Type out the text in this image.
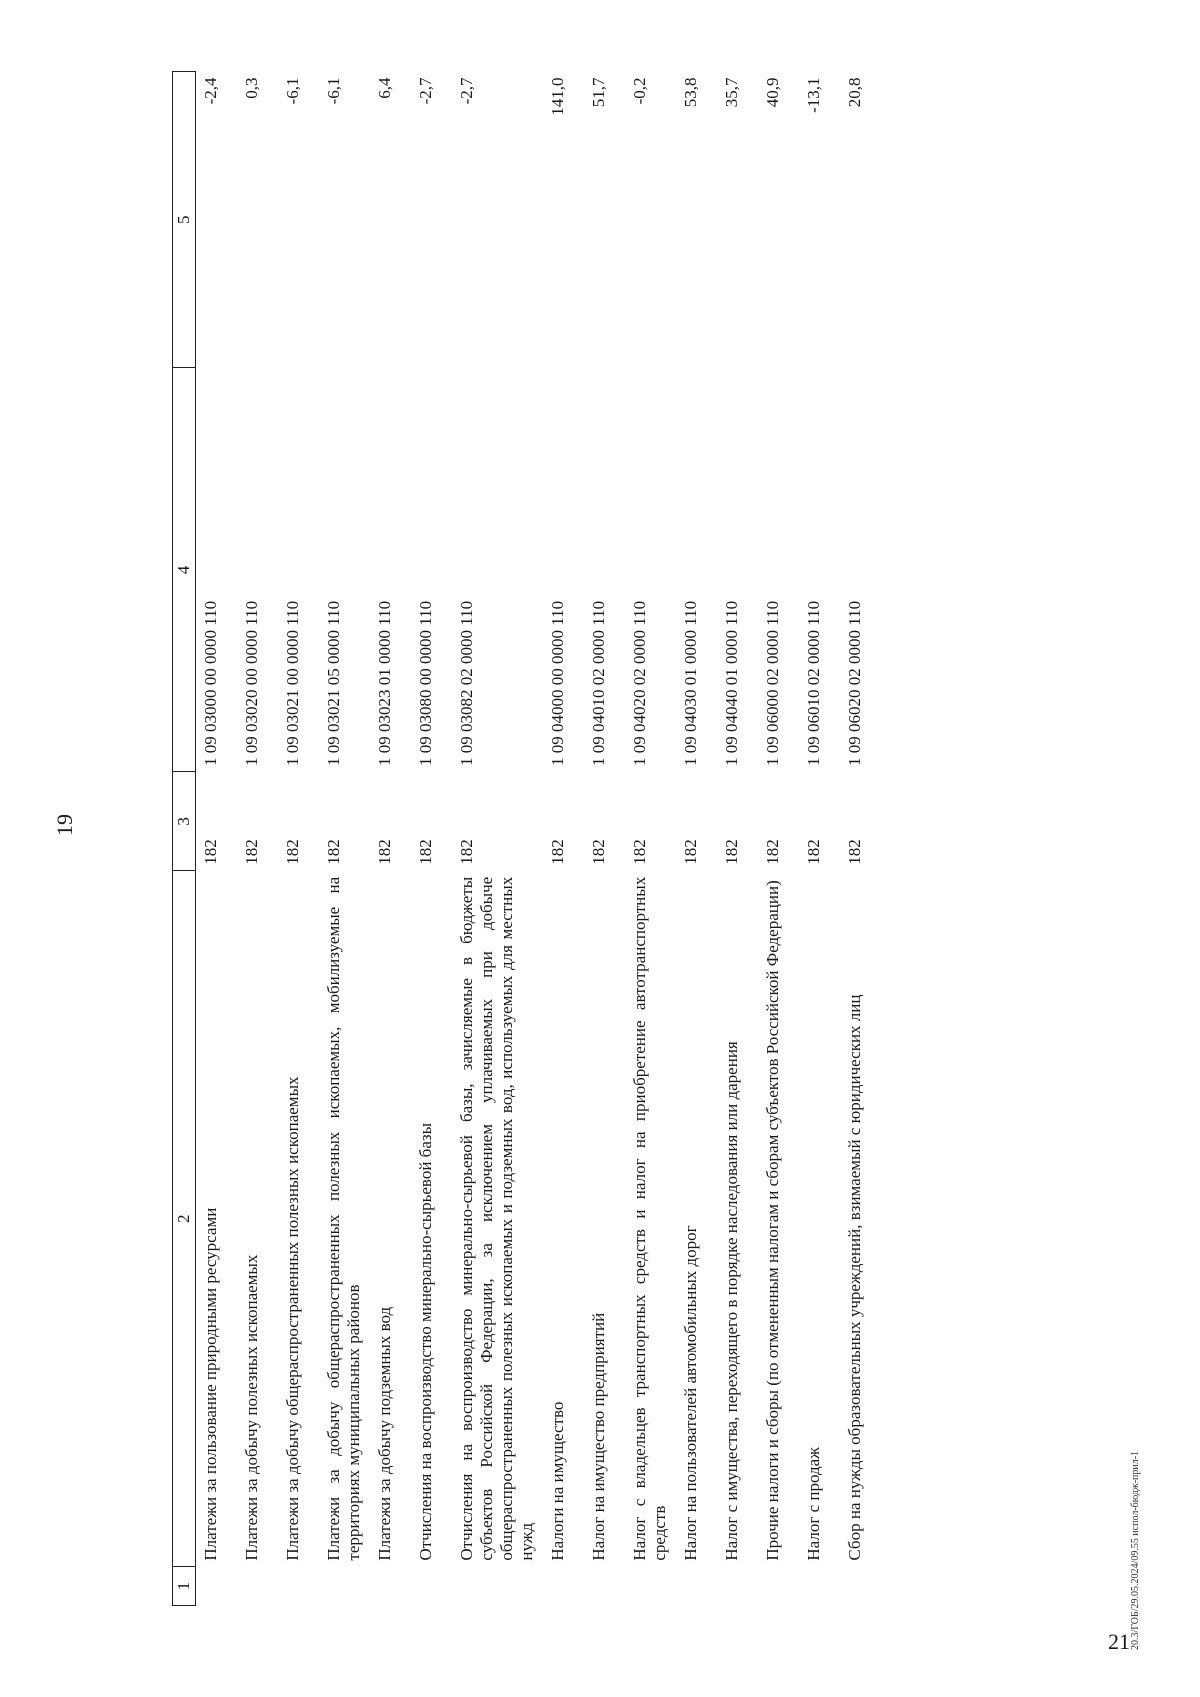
19
1	2	3	4	5
	Платежи за пользование природными ресурсами	182	1 09 03000 00 0000 110	-2,4
	Платежи за добычу полезных ископаемых	182	1 09 03020 00 0000 110	0,3
	Платежи за добычу общераспространенных полезных ископаемых	182	1 09 03021 00 0000 110	-6,1
	Платежи за добычу общераспространенных полезных ископаемых, мобилизуемые на территориях муниципальных районов	182	1 09 03021 05 0000 110	-6,1
	Платежи за добычу подземных вод	182	1 09 03023 01 0000 110	6,4
	Отчисления на воспроизводство минерально-сырьевой базы	182	1 09 03080 00 0000 110	-2,7
	Отчисления на воспроизводство минерально-сырьевой базы, зачисляемые в бюджеты субъектов Российской Федерации, за исключением уплачиваемых при добыче общераспространенных полезных ископаемых и подземных вод, используемых для местных нужд	182	1 09 03082 02 0000 110	-2,7
	Налоги на имущество	182	1 09 04000 00 0000 110	141,0
	Налог на имущество предприятий	182	1 09 04010 02 0000 110	51,7
	Налог с владельцев транспортных средств и налог на приобретение автотранспортных средств	182	1 09 04020 02 0000 110	-0,2
	Налог на пользователей автомобильных дорог	182	1 09 04030 01 0000 110	53,8
	Налог с имущества, переходящего в порядке наследования или дарения	182	1 09 04040 01 0000 110	35,7
	Прочие налоги и сборы (по отмененным налогам и сборам субъектов Российской Федерации)	182	1 09 06000 02 0000 110	40,9
	Налог с продаж	182	1 09 06010 02 0000 110	-13,1
	Сбор на нужды образовательных учреждений, взимаемый с юридических лиц	182	1 09 06020 02 0000 110	20,8
20.3/ГОБ/29.05.2024/09.55 испол-бюдж-прил-1
21
